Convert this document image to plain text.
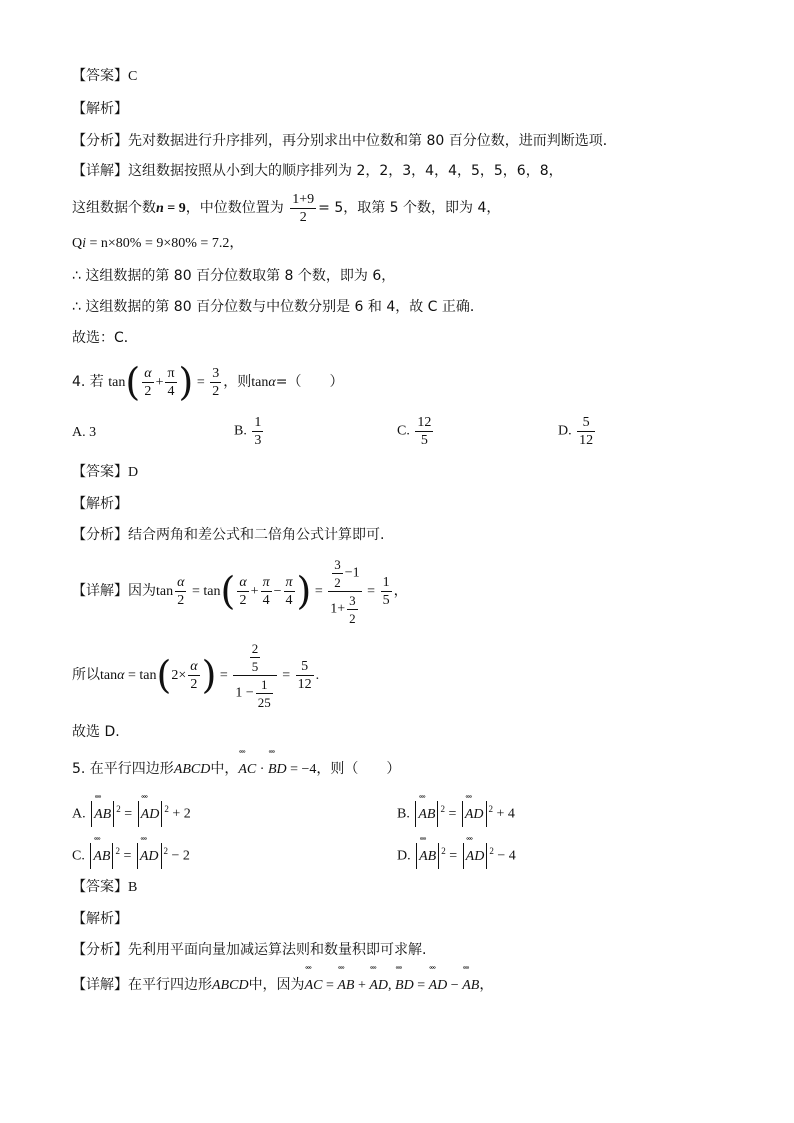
【答案】C
【解析】
【分析】先对数据进行升序排列，再分别求出中位数和第 80 百分位数，进而判断选项．
【详解】这组数据按照从小到大的顺序排列为 2，2，3，4，4，5，5，6，8，
这组数据个数n = 9，中位数位置为 $\frac{1+9}{2} = 5$，取第 5 个数，即为 4，
Qi = n×80% = 9×80% = 7.2，
∴ 这组数据的第 80 百分位数取第 8 个数，即为 6，
∴ 这组数据的第 80 百分位数与中位数分别是 6 和 4，故 C 正确．
故选：C．
4. 若 $\tan( \frac{\alpha}{2} + \frac{\pi}{4}$ ) = $\frac{3}{2}$ ，则tanα=（　　）
A. 3	B. $\frac{1}{3}$	C. $\frac{12}{5}$	D. $\frac{5}{12}$
【答案】D
【解析】
【分析】结合两角和差公式和二倍角公式计算即可.
【详解】因为$\tan \frac{\alpha}{2} = \tan( \frac{\alpha}{2} + \frac{\pi}{4} - \frac{\pi}{4}$ ) = $\frac{\frac{3}{2} -1}{1+ \frac{3}{2}} = \frac{1}{5}$ ，
所以$\tan\alpha = \tan(2\times \frac{\alpha}{2}$ ) = $\frac{\frac{2}{5}}{1 - \frac{1}{25}} = \frac{5}{12}$ .
故选 D.
5. 在平行四边形ABCD中，∘∘∘ AC · ∘∘∘ BD = −4，则（　　）
A. ∘∘∘ AB $^2$ = ∘∘∘ AD $^2$ + 2	B. ∘∘∘ AB $^2$ = ∘∘∘ AD $^2$ + 4
C. ∘∘∘ AB $^2$ = ∘∘∘ AD $^2$ − 2	D. ∘∘∘ AB $^2$ = ∘∘∘ AD $^2$ − 4
【答案】B
【解析】
【分析】先利用平面向量加减运算法则和数量积即可求解.
【详解】在平行四边形ABCD中，因为∘∘∘ AC = ∘∘∘ AB + ∘∘∘ AD, ∘∘∘ BD = ∘∘∘ AD − ∘∘∘ AB，
